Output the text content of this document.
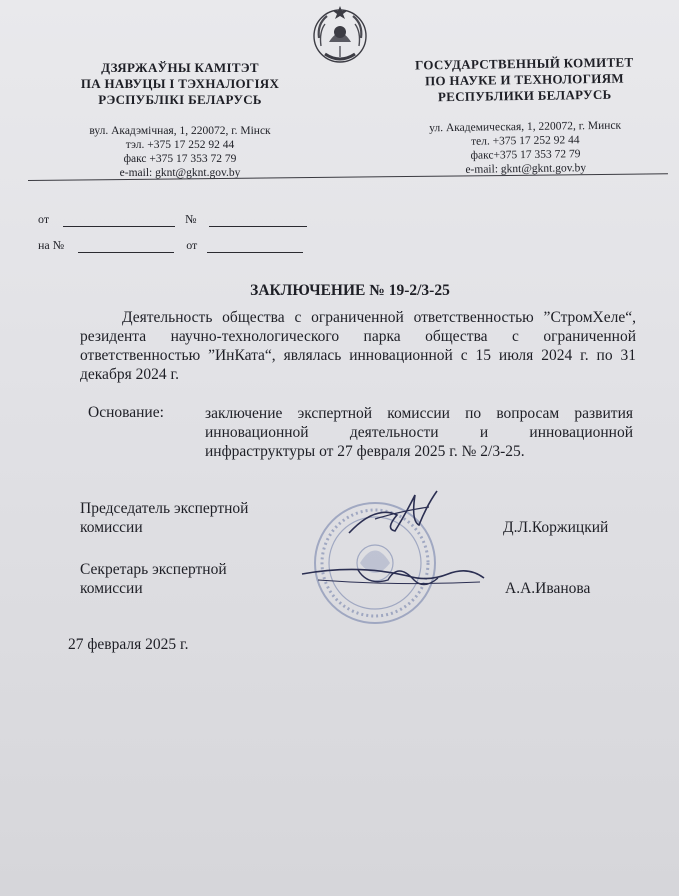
ДЗЯРЖАЎНЫ КАМІТЭТ
ПА НАВУЦЫ І ТЭХНАЛОГІЯХ
РЭСПУБЛІКІ БЕЛАРУСЬ
вул. Акадэмічная, 1, 220072, г. Мінск
тэл. +375 17 252 92 44
факс +375 17 353 72 79
e-mail: gknt@gknt.gov.by
ГОСУДАРСТВЕННЫЙ КОМИТЕТ
ПО НАУКЕ И ТЕХНОЛОГИЯМ
РЕСПУБЛИКИ БЕЛАРУСЬ
ул. Академическая, 1, 220072, г. Минск
тел. +375 17 252 92 44
факс+375 17 353 72 79
e-mail: gknt@gknt.gov.by
от	№
на №	от
ЗАКЛЮЧЕНИЕ № 19-2/3-25
Деятельность общества с ограниченной ответственностью ”СтромХеле“, резидента научно-технологического парка общества с ограниченной ответственностью ”ИнКата“, являлась инновационной с 15 июля 2024 г. по 31 декабря 2024 г.
Основание:	заключение экспертной комиссии по вопросам развития инновационной деятельности и инновационной инфраструктуры от 27 февраля 2025 г. № 2/3-25.
Председатель экспертной
комиссии	Д.Л.Коржицкий
Секретарь экспертной
комиссии	А.А.Иванова
27 февраля 2025 г.
